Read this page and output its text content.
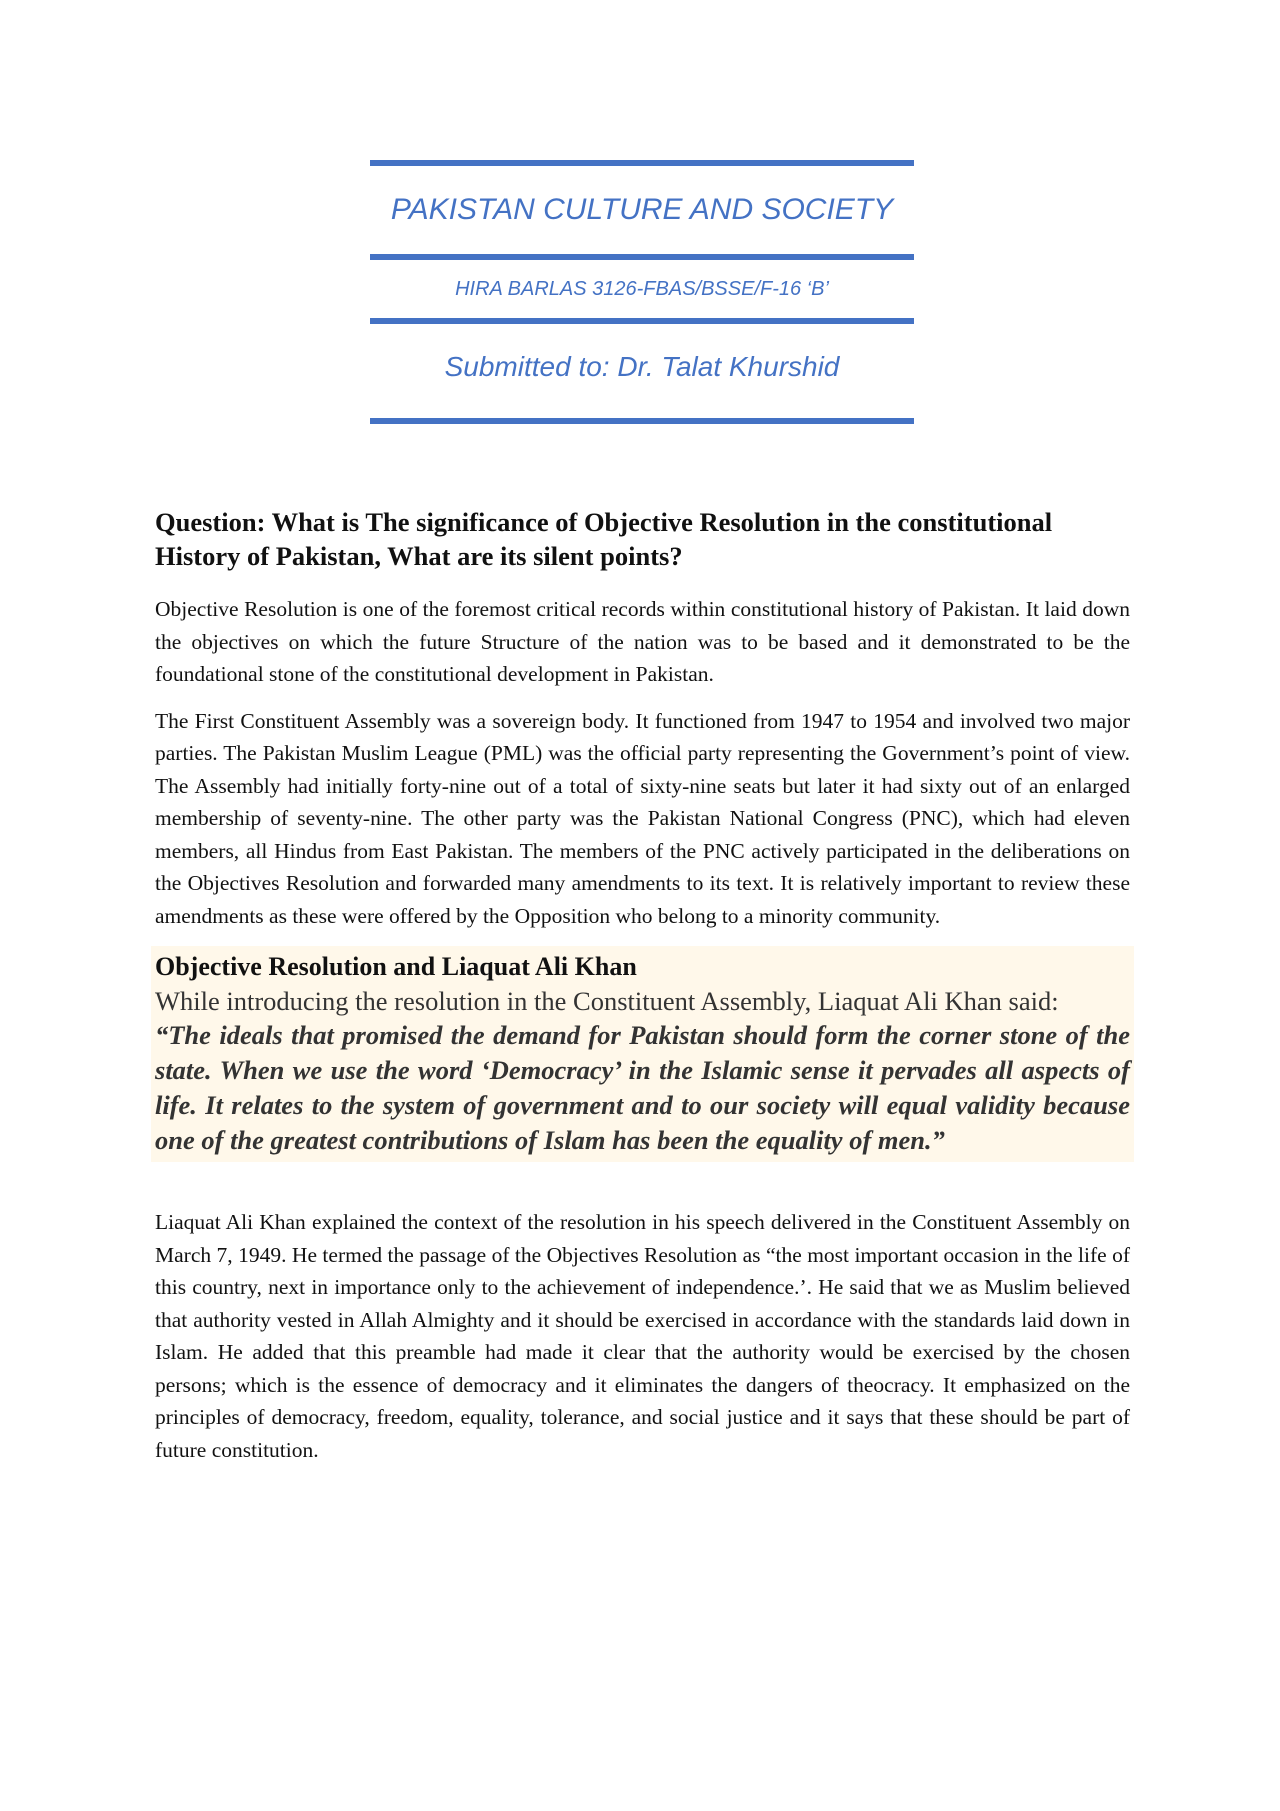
PAKISTAN CULTURE AND SOCIETY
HIRA BARLAS 3126-FBAS/BSSE/F-16 ‘B’
Submitted to: Dr. Talat Khurshid

Question: What is The significance of Objective Resolution in the constitutional History of Pakistan, What are its silent points?

Objective Resolution is one of the foremost critical records within constitutional history of Pakistan. It laid down the objectives on which the future Structure of the nation was to be based and it demonstrated to be the foundational stone of the constitutional development in Pakistan.

The First Constituent Assembly was a sovereign body. It functioned from 1947 to 1954 and involved two major parties. The Pakistan Muslim League (PML) was the official party representing the Government’s point of view. The Assembly had initially forty-nine out of a total of sixty-nine seats but later it had sixty out of an enlarged membership of seventy-nine. The other party was the Pakistan National Congress (PNC), which had eleven members, all Hindus from East Pakistan. The members of the PNC actively participated in the deliberations on the Objectives Resolution and forwarded many amendments to its text. It is relatively important to review these amendments as these were offered by the Opposition who belong to a minority community.

Objective Resolution and Liaquat Ali Khan

While introducing the resolution in the Constituent Assembly, Liaquat Ali Khan said:

“The ideals that promised the demand for Pakistan should form the corner stone of the state. When we use the word ‘Democracy’ in the Islamic sense it pervades all aspects of life. It relates to the system of government and to our society will equal validity because one of the greatest contributions of Islam has been the equality of men.”

Liaquat Ali Khan explained the context of the resolution in his speech delivered in the Constituent Assembly on March 7, 1949. He termed the passage of the Objectives Resolution as “the most important occasion in the life of this country, next in importance only to the achievement of independence.’. He said that we as Muslim believed that authority vested in Allah Almighty and it should be exercised in accordance with the standards laid down in Islam. He added that this preamble had made it clear that the authority would be exercised by the chosen persons; which is the essence of democracy and it eliminates the dangers of theocracy. It emphasized on the principles of democracy, freedom, equality, tolerance, and social justice and it says that these should be part of future constitution.
